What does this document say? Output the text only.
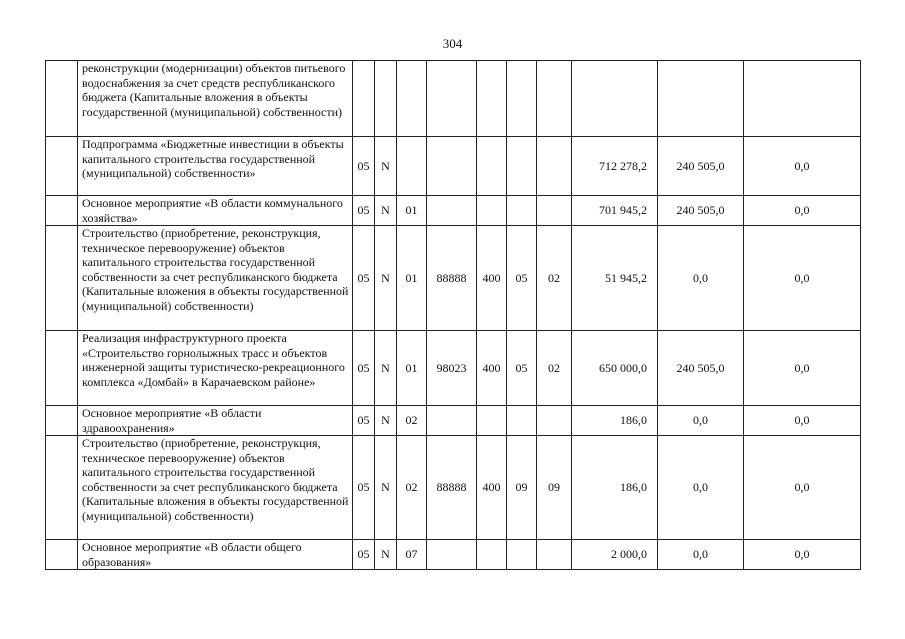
304
	реконструкции (модернизации) объектов питьевого водоснабжения за счет средств республиканского бюджета (Капитальные вложения в объекты государственной (муниципальной) собственности)										
	Подпрограмма «Бюджетные инвестиции в объекты капитального строительства государственной (муниципальной) собственности»	05	N						712 278,2	240 505,0	0,0
	Основное мероприятие «В области коммунального хозяйства»	05	N	01					701 945,2	240 505,0	0,0
	Строительство (приобретение, реконструкция, техническое перевооружение) объектов капитального строительства государственной собственности за счет республиканского бюджета (Капитальные вложения в объекты государственной (муниципальной) собственности)	05	N	01	88888	400	05	02	51 945,2	0,0	0,0
	Реализация инфраструктурного проекта «Строительство горнолыжных трасс и объектов инженерной защиты туристическо-рекреационного комплекса «Домбай» в Карачаевском районе»	05	N	01	98023	400	05	02	650 000,0	240 505,0	0,0
	Основное мероприятие «В области здравоохранения»	05	N	02					186,0	0,0	0,0
	Строительство (приобретение, реконструкция, техническое перевооружение) объектов капитального строительства государственной собственности за счет республиканского бюджета (Капитальные вложения в объекты государственной (муниципальной) собственности)	05	N	02	88888	400	09	09	186,0	0,0	0,0
	Основное мероприятие «В области общего образования»	05	N	07					2 000,0	0,0	0,0
